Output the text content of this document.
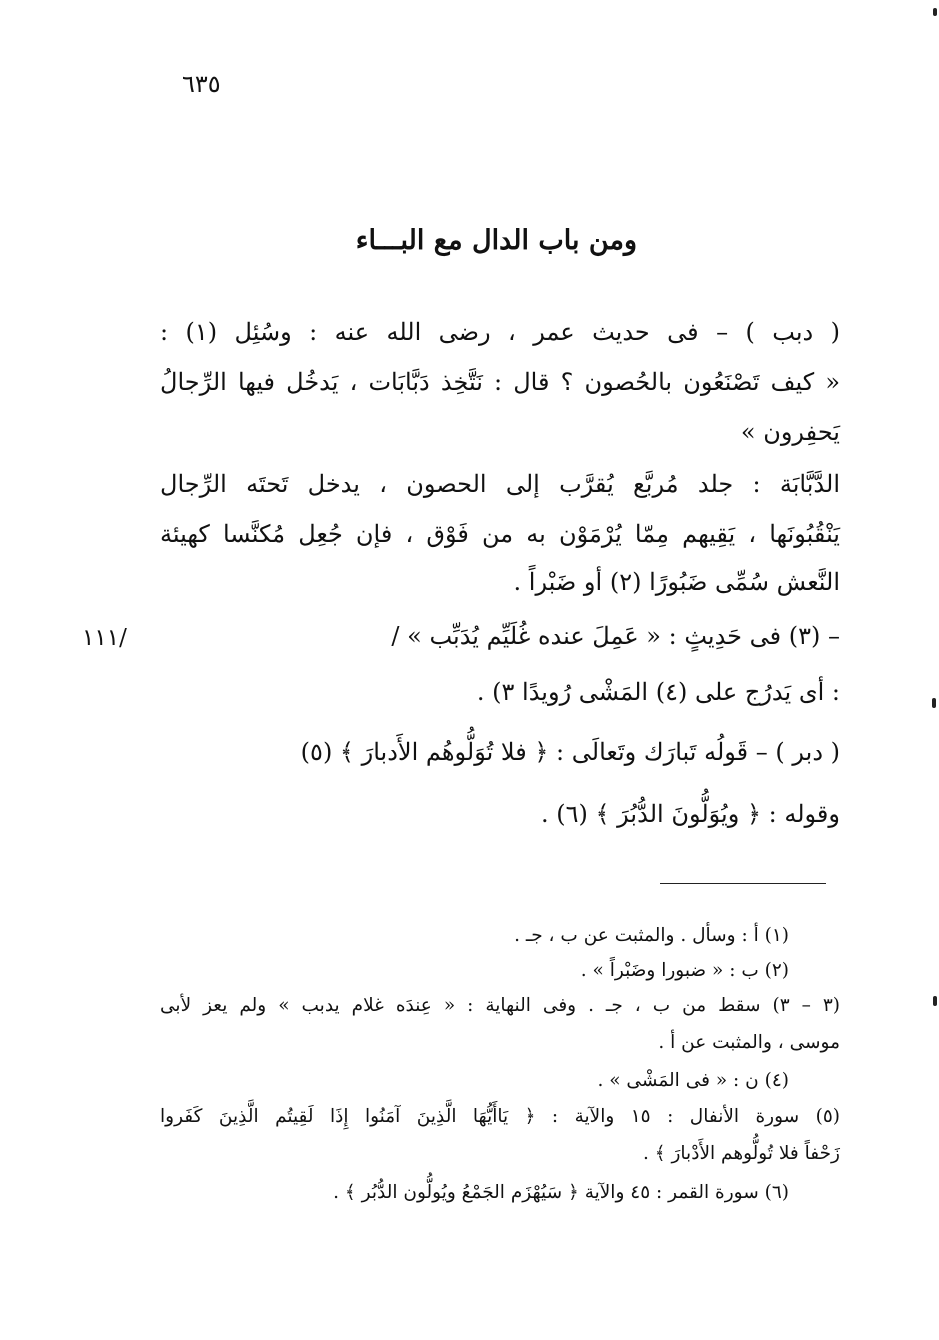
٦٣٥
ومن باب الدال مع البـــاء
( دبب ) – فى حديث عمر ، رضى الله عنه : وسُئِل (١) :
« كيف تَصْنَعُون بالحُصون ؟ قال : نَتَّخِذ دَبَّابَات ، يَدخُل فيها الرِّجالُ
يَحفِرون »
الدَّبَّابَة : جلد مُربَّع يُقرَّب إلى الحصون ، يدخل تَحتَه الرِّجال
يَنْقُبُونَها ، يَقِيهم مِمّا يُرْمَوْن به من فَوْق ، فإن جُعِل مُكنَّسا كهيئة
النَّعش سُمِّى ضَبُورًا (٢) أو ضَبْراً .
– (٣) فى حَدِيثٍ : « عَمِلَ عنده غُلَيِّم يُدَبِّب » /
١١١/
: أى يَدرُج على (٤) المَشْى رُويدًا ٣) .
( دبر ) – قَولُه تَبارَك وتَعالَى : ﴿ فلا تُوَلُّوهُم الأَدبارَ ﴾ (٥)
وقوله : ﴿ ويُوَلُّونَ الدُّبُرَ ﴾ (٦) .
(١) أ : وسأل . والمثبت عن ب ، جـ .
(٢) ب : « ضبورا وضَبْراً » .
(٣ – ٣) سقط من ب ، جـ . وفى النهاية : « عِندَه غلام يدبب » ولم يعز لأبى
موسى ، والمثبت عن أ .
(٤) ن : « فى المَشْى » .
(٥) سورة الأنفال : ١٥ والآية : ﴿ يَاأَيُّهَا الَّذِينَ آمَنُوا إِذَا لَقِيتُم الَّذِينَ كَفَروا
زَحْفاً فلا تُولُّوهم الأَدْبارَ ﴾ .
(٦) سورة القمر : ٤٥ والآية ﴿ سَيُهْزَم الجَمْعُ ويُولُّون الدُّبُر ﴾ .
